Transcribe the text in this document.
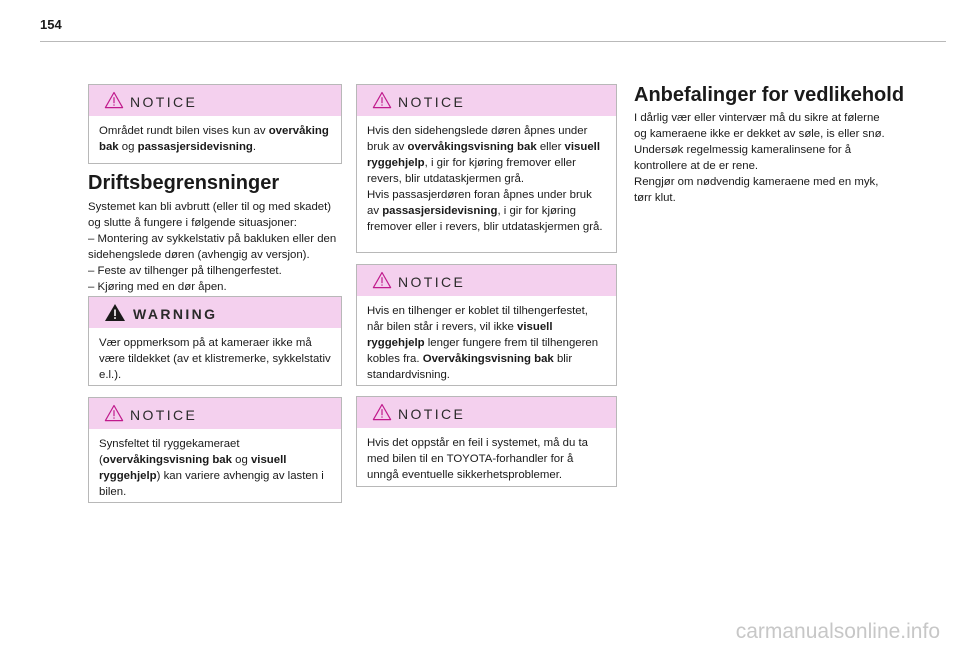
154
NOTICE

Området rundt bilen vises kun av overvåking bak og passasjersidevisning.

Driftsbegrensninger

Systemet kan bli avbrutt (eller til og med skadet) og slutte å fungere i følgende situasjoner:

– Montering av sykkelstativ på bakluken eller den sidehengslede døren (avhengig av versjon).

– Feste av tilhenger på tilhengerfestet.

– Kjøring med en dør åpen.

WARNING

Vær oppmerksom på at kameraer ikke må være tildekket (av et klistremerke, sykkelstativ e.l.).

NOTICE

Synsfeltet til ryggekameraet (overvåkingsvisning bak og visuell ryggehjelp) kan variere avhengig av lasten i bilen.

NOTICE

Hvis den sidehengslede døren åpnes under bruk av overvåkingsvisning bak eller visuell ryggehjelp, i gir for kjøring fremover eller revers, blir utdataskjermen grå.

Hvis passasjerdøren foran åpnes under bruk av passasjersidevisning, i gir for kjøring fremover eller i revers, blir utdataskjermen grå.

NOTICE

Hvis en tilhenger er koblet til tilhengerfestet, når bilen står i revers, vil ikke visuell ryggehjelp lenger fungere frem til tilhengeren kobles fra. Overvåkingsvisning bak blir standardvisning.

NOTICE

Hvis det oppstår en feil i systemet, må du ta med bilen til en TOYOTA-forhandler for å unngå eventuelle sikkerhetsproblemer.

Anbefalinger for vedlikehold

I dårlig vær eller vintervær må du sikre at følerne og kameraene ikke er dekket av søle, is eller snø.

Undersøk regelmessig kameralinsene for å kontrollere at de er rene.

Rengjør om nødvendig kameraene med en myk, tørr klut.

carmanualsonline.info
